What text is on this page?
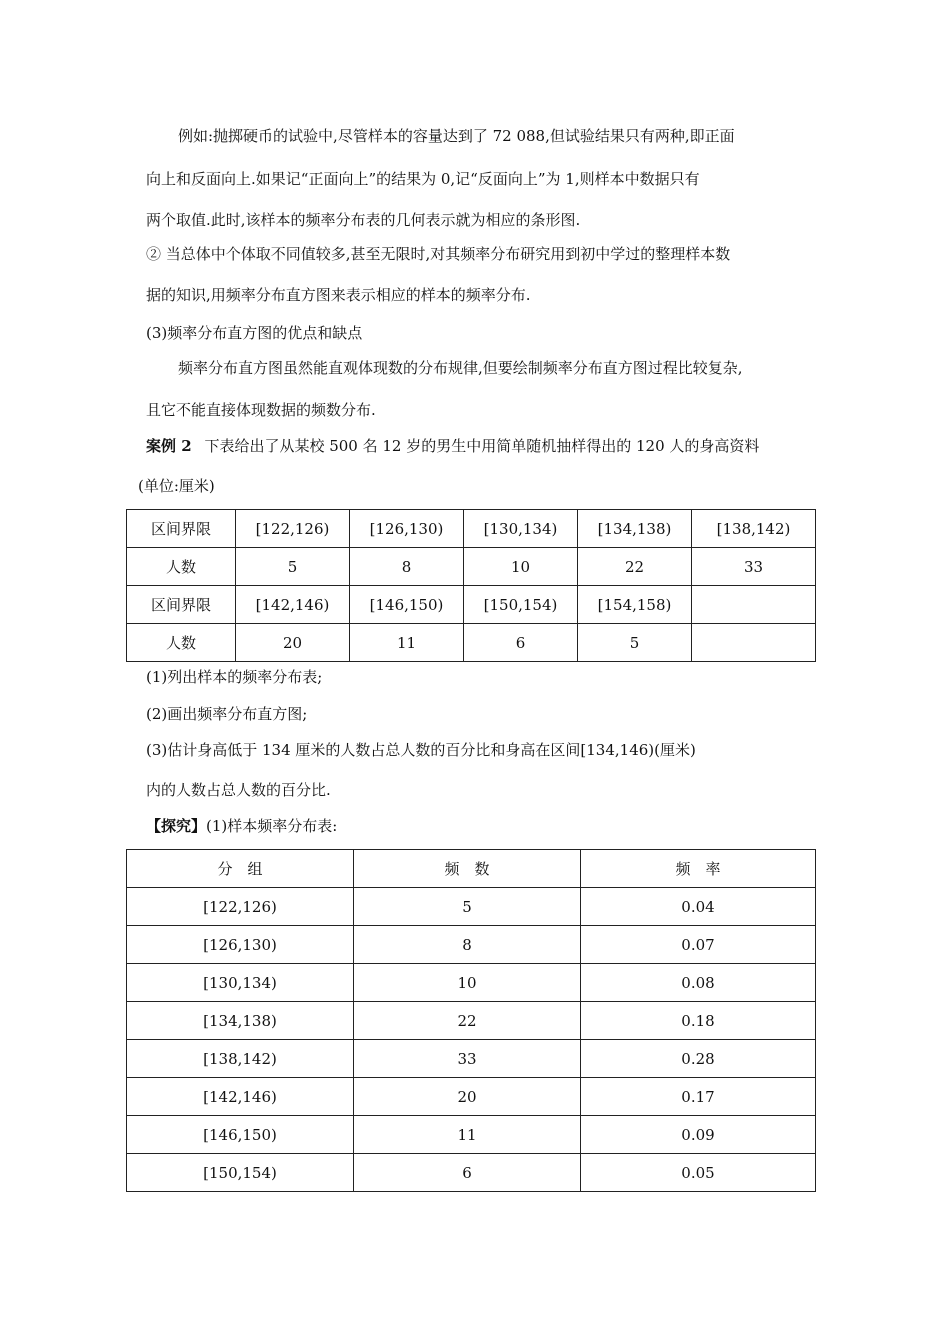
例如:抛掷硬币的试验中,尽管样本的容量达到了 72 088,但试验结果只有两种,即正面
向上和反面向上.如果记“正面向上”的结果为 0,记“反面向上”为 1,则样本中数据只有
两个取值.此时,该样本的频率分布表的几何表示就为相应的条形图.
② 当总体中个体取不同值较多,甚至无限时,对其频率分布研究用到初中学过的整理样本数
据的知识,用频率分布直方图来表示相应的样本的频率分布.
(3)频率分布直方图的优点和缺点
频率分布直方图虽然能直观体现数的分布规律,但要绘制频率分布直方图过程比较复杂,
且它不能直接体现数据的频数分布.
案例 2 下表给出了从某校 500 名 12 岁的男生中用简单随机抽样得出的 120 人的身高资料
(单位:厘米)
区间界限	[122,126)	[126,130)	[130,134)	[134,138)	[138,142)
人数	5	8	10	22	33
区间界限	[142,146)	[146,150)	[150,154)	[154,158)	
人数	20	11	6	5	
(1)列出样本的频率分布表;
(2)画出频率分布直方图;
(3)估计身高低于 134 厘米的人数占总人数的百分比和身高在区间[134,146)(厘米)
内的人数占总人数的百分比.
【探究】(1)样本频率分布表:
分　组	频　数	频　率
[122,126)	5	0.04
[126,130)	8	0.07
[130,134)	10	0.08
[134,138)	22	0.18
[138,142)	33	0.28
[142,146)	20	0.17
[146,150)	11	0.09
[150,154)	6	0.05
